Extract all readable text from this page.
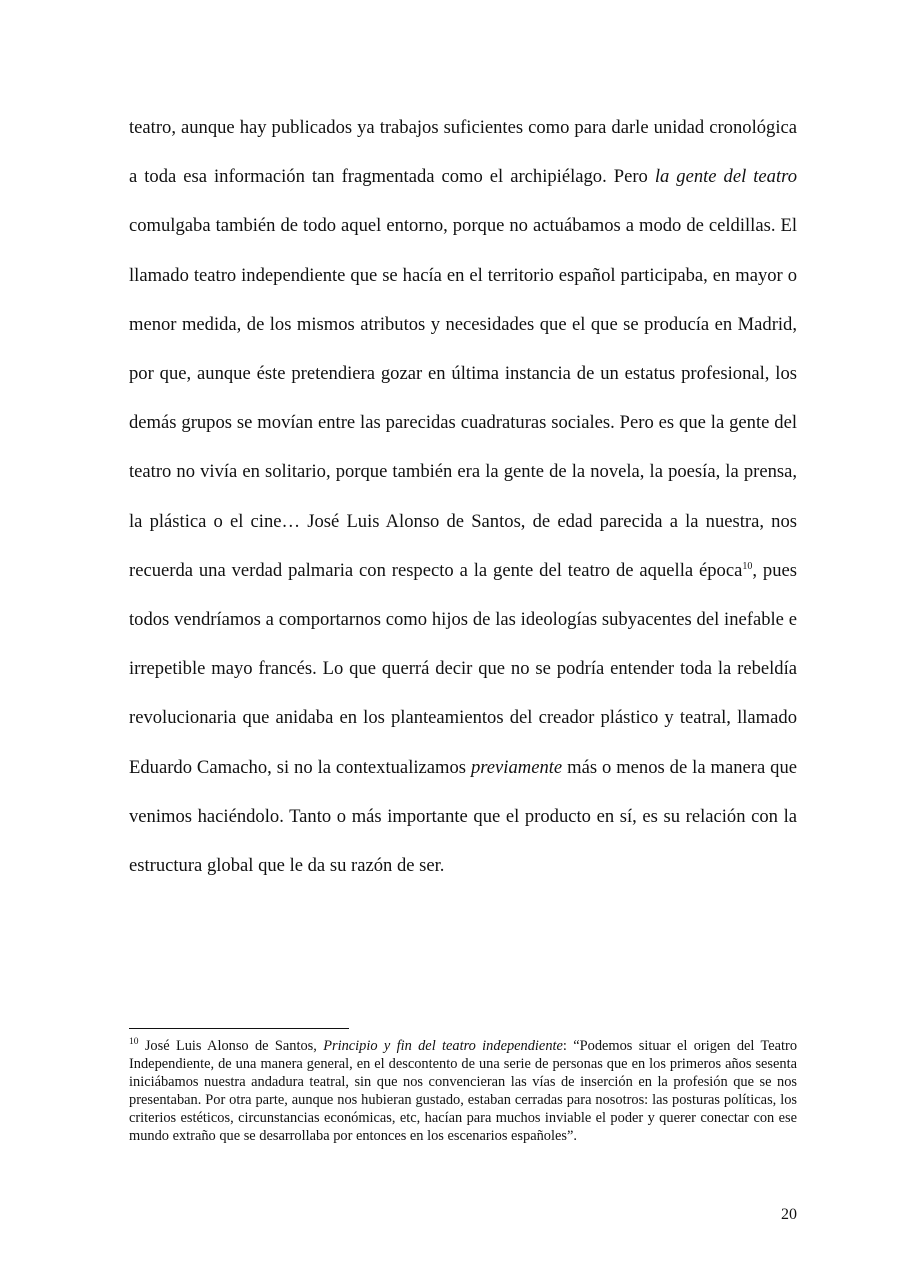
teatro, aunque hay publicados ya trabajos suficientes como para darle unidad cronológica a toda esa información tan fragmentada como el archipiélago. Pero la gente del teatro comulgaba también de todo aquel entorno, porque no actuábamos a modo de celdillas. El llamado teatro independiente que se hacía en el territorio español participaba, en mayor o menor medida, de los mismos atributos y necesidades que el que se producía en Madrid, por que, aunque éste pretendiera gozar en última instancia de un estatus profesional, los demás grupos se movían entre las parecidas cuadraturas sociales. Pero es que la gente del teatro no vivía en solitario, porque también era la gente de la novela, la poesía, la prensa, la plástica o el cine… José Luis Alonso de Santos, de edad parecida a la nuestra, nos recuerda una verdad palmaria con respecto a la gente del teatro de aquella época$^{10}$, pues todos vendríamos a comportarnos como hijos de las ideologías subyacentes del inefable e irrepetible mayo francés. Lo que querrá decir que no se podría entender toda la rebeldía revolucionaria que anidaba en los planteamientos del creador plástico y teatral, llamado Eduardo Camacho, si no la contextualizamos previamente más o menos de la manera que venimos haciéndolo. Tanto o más importante que el producto en sí, es su relación con la estructura global que le da su razón de ser.

$^{10}$ José Luis Alonso de Santos, Principio y fin del teatro independiente: “Podemos situar el origen del Teatro Independiente, de una manera general, en el descontento de una serie de personas que en los primeros años sesenta iniciábamos nuestra andadura teatral, sin que nos convencieran las vías de inserción en la profesión que se nos presentaban. Por otra parte, aunque nos hubieran gustado, estaban cerradas para nosotros: las posturas políticas, los criterios estéticos, circunstancias económicas, etc, hacían para muchos inviable el poder y querer conectar con ese mundo extraño que se desarrollaba por entonces en los escenarios españoles”.

20
